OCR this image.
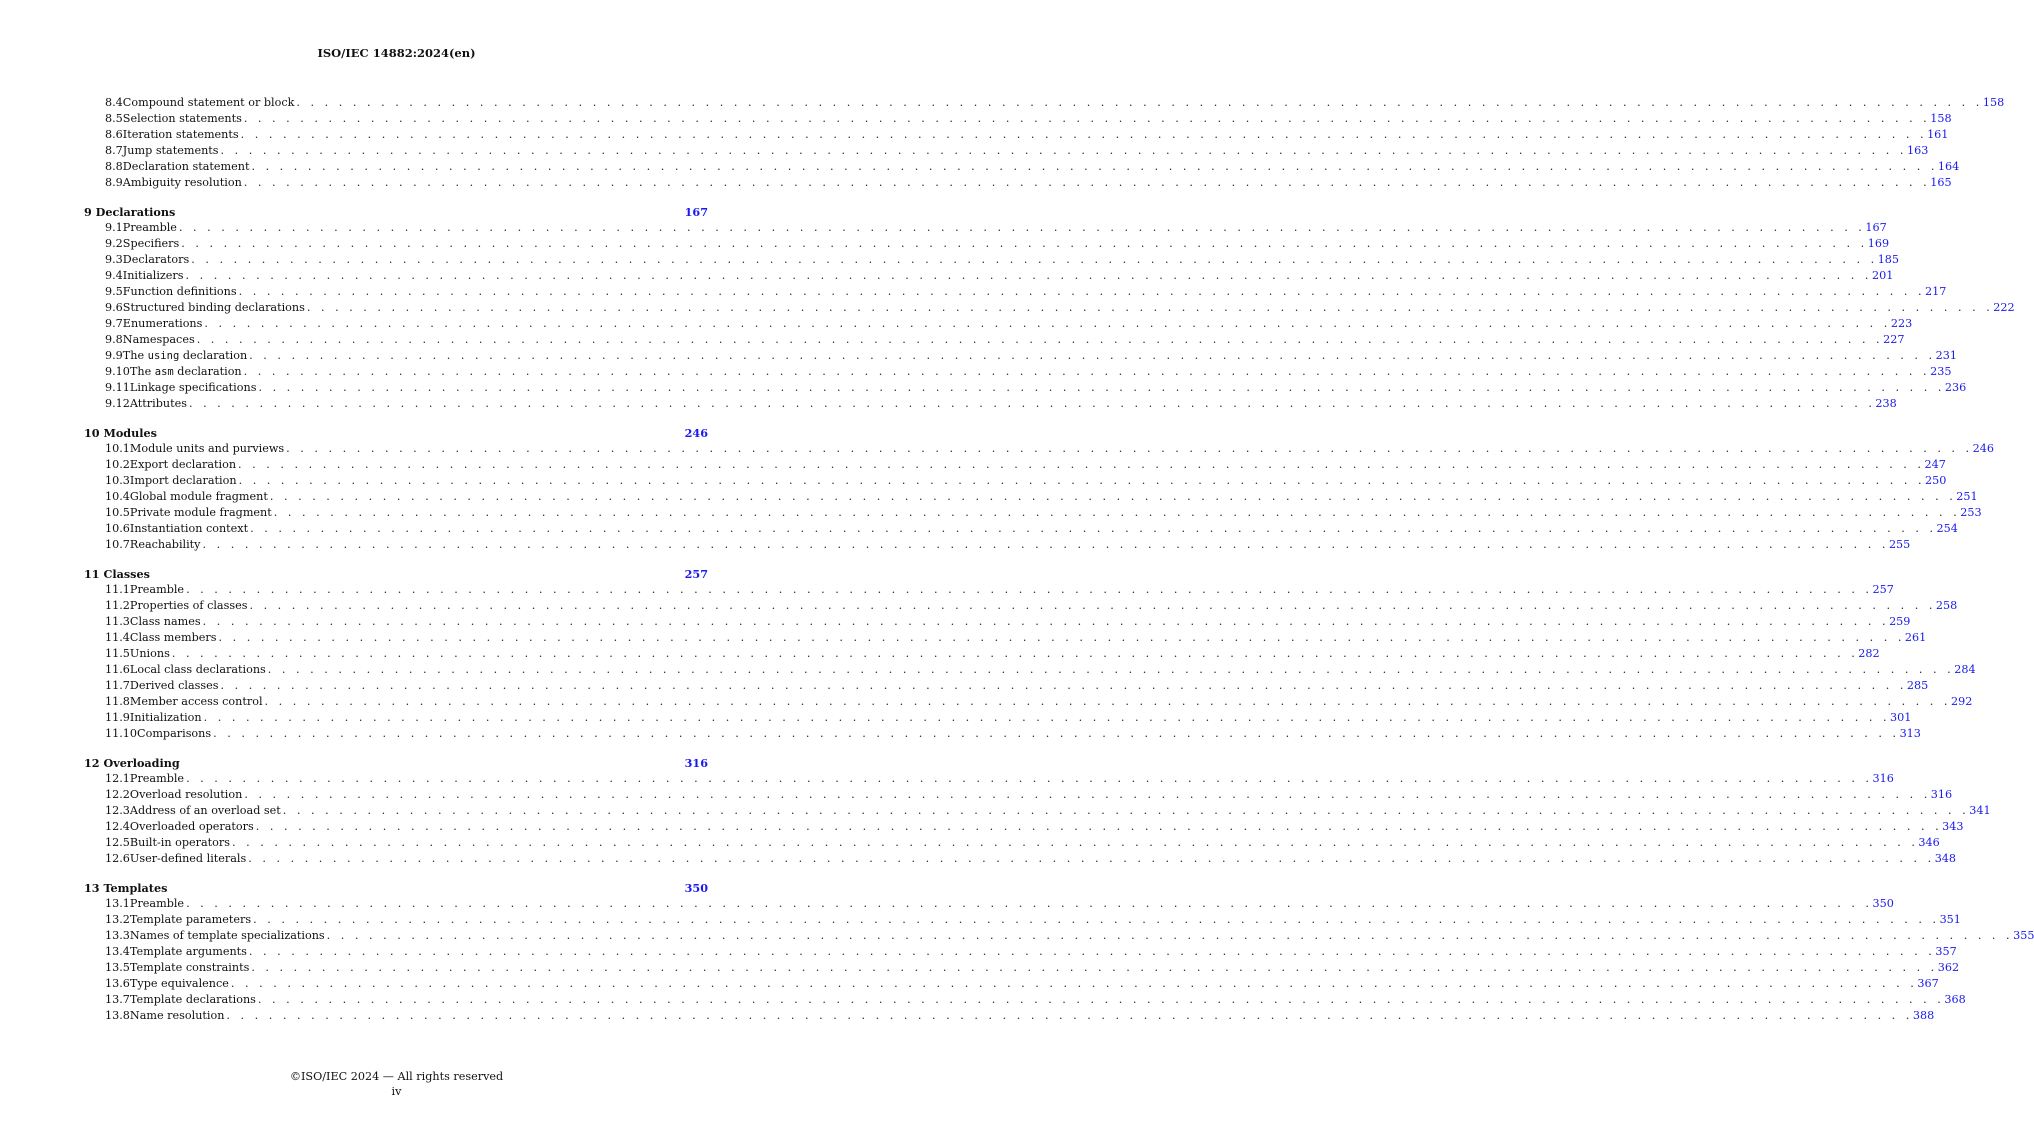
ISO/IEC 14882:2024(en)
8.4 Compound statement or block . . . . . . . . . . . . . . . . . . . . . . . . . . . . . . . . . . . . . . . . . . . . . . . . . . . . . . . . . . . . . . . . . . . . . . . . . . . . . . . . . . . . . . . . . . . . . . . . . . . . . . . . . . . . . . . . . . . . . . . . 158
8.5 Selection statements . . . . . . . . . . . . . . . . . . . . . . . . . . . . . . . . . . . . . . . . . . . . . . . . . . . . . . . . . . . . . . . . . . . . . . . . . . . . . . . . . . . . . . . . . . . . . . . . . . . . . . . . . . . . . . . . . . . . . . . . 158
8.6 Iteration statements . . . . . . . . . . . . . . . . . . . . . . . . . . . . . . . . . . . . . . . . . . . . . . . . . . . . . . . . . . . . . . . . . . . . . . . . . . . . . . . . . . . . . . . . . . . . . . . . . . . . . . . . . . . . . . . . . . . . . . . . 161
8.7 Jump statements . . . . . . . . . . . . . . . . . . . . . . . . . . . . . . . . . . . . . . . . . . . . . . . . . . . . . . . . . . . . . . . . . . . . . . . . . . . . . . . . . . . . . . . . . . . . . . . . . . . . . . . . . . . . . . . . . . . . . . . . 163
8.8 Declaration statement . . . . . . . . . . . . . . . . . . . . . . . . . . . . . . . . . . . . . . . . . . . . . . . . . . . . . . . . . . . . . . . . . . . . . . . . . . . . . . . . . . . . . . . . . . . . . . . . . . . . . . . . . . . . . . . . . . . . . . . . 164
8.9 Ambiguity resolution . . . . . . . . . . . . . . . . . . . . . . . . . . . . . . . . . . . . . . . . . . . . . . . . . . . . . . . . . . . . . . . . . . . . . . . . . . . . . . . . . . . . . . . . . . . . . . . . . . . . . . . . . . . . . . . . . . . . . . . . 165
9 Declarations	167
9.1 Preamble . . . . . . . . . . . . . . . . . . . . . . . . . . . . . . . . . . . . . . . . . . . . . . . . . . . . . . . . . . . . . . . . . . . . . . . . . . . . . . . . . . . . . . . . . . . . . . . . . . . . . . . . . . . . . . . . . . . . . . . . 167
9.2 Specifiers . . . . . . . . . . . . . . . . . . . . . . . . . . . . . . . . . . . . . . . . . . . . . . . . . . . . . . . . . . . . . . . . . . . . . . . . . . . . . . . . . . . . . . . . . . . . . . . . . . . . . . . . . . . . . . . . . . . . . . . . 169
9.3 Declarators . . . . . . . . . . . . . . . . . . . . . . . . . . . . . . . . . . . . . . . . . . . . . . . . . . . . . . . . . . . . . . . . . . . . . . . . . . . . . . . . . . . . . . . . . . . . . . . . . . . . . . . . . . . . . . . . . . . . . . . . 185
9.4 Initializers . . . . . . . . . . . . . . . . . . . . . . . . . . . . . . . . . . . . . . . . . . . . . . . . . . . . . . . . . . . . . . . . . . . . . . . . . . . . . . . . . . . . . . . . . . . . . . . . . . . . . . . . . . . . . . . . . . . . . . . . 201
9.5 Function definitions . . . . . . . . . . . . . . . . . . . . . . . . . . . . . . . . . . . . . . . . . . . . . . . . . . . . . . . . . . . . . . . . . . . . . . . . . . . . . . . . . . . . . . . . . . . . . . . . . . . . . . . . . . . . . . . . . . . . . . . . 217
9.6 Structured binding declarations . . . . . . . . . . . . . . . . . . . . . . . . . . . . . . . . . . . . . . . . . . . . . . . . . . . . . . . . . . . . . . . . . . . . . . . . . . . . . . . . . . . . . . . . . . . . . . . . . . . . . . . . . . . . . . . . . . . . . . . . 222
9.7 Enumerations . . . . . . . . . . . . . . . . . . . . . . . . . . . . . . . . . . . . . . . . . . . . . . . . . . . . . . . . . . . . . . . . . . . . . . . . . . . . . . . . . . . . . . . . . . . . . . . . . . . . . . . . . . . . . . . . . . . . . . . . 223
9.8 Namespaces . . . . . . . . . . . . . . . . . . . . . . . . . . . . . . . . . . . . . . . . . . . . . . . . . . . . . . . . . . . . . . . . . . . . . . . . . . . . . . . . . . . . . . . . . . . . . . . . . . . . . . . . . . . . . . . . . . . . . . . . 227
9.9 The using declaration . . . . . . . . . . . . . . . . . . . . . . . . . . . . . . . . . . . . . . . . . . . . . . . . . . . . . . . . . . . . . . . . . . . . . . . . . . . . . . . . . . . . . . . . . . . . . . . . . . . . . . . . . . . . . . . . . . . . . . . . 231
9.10 The asm declaration . . . . . . . . . . . . . . . . . . . . . . . . . . . . . . . . . . . . . . . . . . . . . . . . . . . . . . . . . . . . . . . . . . . . . . . . . . . . . . . . . . . . . . . . . . . . . . . . . . . . . . . . . . . . . . . . . . . . . . . . 235
9.11 Linkage specifications . . . . . . . . . . . . . . . . . . . . . . . . . . . . . . . . . . . . . . . . . . . . . . . . . . . . . . . . . . . . . . . . . . . . . . . . . . . . . . . . . . . . . . . . . . . . . . . . . . . . . . . . . . . . . . . . . . . . . . . . 236
9.12 Attributes . . . . . . . . . . . . . . . . . . . . . . . . . . . . . . . . . . . . . . . . . . . . . . . . . . . . . . . . . . . . . . . . . . . . . . . . . . . . . . . . . . . . . . . . . . . . . . . . . . . . . . . . . . . . . . . . . . . . . . . . 238
10 Modules	246
10.1 Module units and purviews . . . . . . . . . . . . . . . . . . . . . . . . . . . . . . . . . . . . . . . . . . . . . . . . . . . . . . . . . . . . . . . . . . . . . . . . . . . . . . . . . . . . . . . . . . . . . . . . . . . . . . . . . . . . . . . . . . . . . . . . 246
10.2 Export declaration . . . . . . . . . . . . . . . . . . . . . . . . . . . . . . . . . . . . . . . . . . . . . . . . . . . . . . . . . . . . . . . . . . . . . . . . . . . . . . . . . . . . . . . . . . . . . . . . . . . . . . . . . . . . . . . . . . . . . . . . 247
10.3 Import declaration . . . . . . . . . . . . . . . . . . . . . . . . . . . . . . . . . . . . . . . . . . . . . . . . . . . . . . . . . . . . . . . . . . . . . . . . . . . . . . . . . . . . . . . . . . . . . . . . . . . . . . . . . . . . . . . . . . . . . . . . 250
10.4 Global module fragment . . . . . . . . . . . . . . . . . . . . . . . . . . . . . . . . . . . . . . . . . . . . . . . . . . . . . . . . . . . . . . . . . . . . . . . . . . . . . . . . . . . . . . . . . . . . . . . . . . . . . . . . . . . . . . . . . . . . . . . . 251
10.5 Private module fragment . . . . . . . . . . . . . . . . . . . . . . . . . . . . . . . . . . . . . . . . . . . . . . . . . . . . . . . . . . . . . . . . . . . . . . . . . . . . . . . . . . . . . . . . . . . . . . . . . . . . . . . . . . . . . . . . . . . . . . . . 253
10.6 Instantiation context . . . . . . . . . . . . . . . . . . . . . . . . . . . . . . . . . . . . . . . . . . . . . . . . . . . . . . . . . . . . . . . . . . . . . . . . . . . . . . . . . . . . . . . . . . . . . . . . . . . . . . . . . . . . . . . . . . . . . . . . 254
10.7 Reachability . . . . . . . . . . . . . . . . . . . . . . . . . . . . . . . . . . . . . . . . . . . . . . . . . . . . . . . . . . . . . . . . . . . . . . . . . . . . . . . . . . . . . . . . . . . . . . . . . . . . . . . . . . . . . . . . . . . . . . . . 255
11 Classes	257
11.1 Preamble . . . . . . . . . . . . . . . . . . . . . . . . . . . . . . . . . . . . . . . . . . . . . . . . . . . . . . . . . . . . . . . . . . . . . . . . . . . . . . . . . . . . . . . . . . . . . . . . . . . . . . . . . . . . . . . . . . . . . . . . 257
11.2 Properties of classes . . . . . . . . . . . . . . . . . . . . . . . . . . . . . . . . . . . . . . . . . . . . . . . . . . . . . . . . . . . . . . . . . . . . . . . . . . . . . . . . . . . . . . . . . . . . . . . . . . . . . . . . . . . . . . . . . . . . . . . . 258
11.3 Class names . . . . . . . . . . . . . . . . . . . . . . . . . . . . . . . . . . . . . . . . . . . . . . . . . . . . . . . . . . . . . . . . . . . . . . . . . . . . . . . . . . . . . . . . . . . . . . . . . . . . . . . . . . . . . . . . . . . . . . . . 259
11.4 Class members . . . . . . . . . . . . . . . . . . . . . . . . . . . . . . . . . . . . . . . . . . . . . . . . . . . . . . . . . . . . . . . . . . . . . . . . . . . . . . . . . . . . . . . . . . . . . . . . . . . . . . . . . . . . . . . . . . . . . . . . 261
11.5 Unions . . . . . . . . . . . . . . . . . . . . . . . . . . . . . . . . . . . . . . . . . . . . . . . . . . . . . . . . . . . . . . . . . . . . . . . . . . . . . . . . . . . . . . . . . . . . . . . . . . . . . . . . . . . . . . . . . . . . . . . . 282
11.6 Local class declarations . . . . . . . . . . . . . . . . . . . . . . . . . . . . . . . . . . . . . . . . . . . . . . . . . . . . . . . . . . . . . . . . . . . . . . . . . . . . . . . . . . . . . . . . . . . . . . . . . . . . . . . . . . . . . . . . . . . . . . . . 284
11.7 Derived classes . . . . . . . . . . . . . . . . . . . . . . . . . . . . . . . . . . . . . . . . . . . . . . . . . . . . . . . . . . . . . . . . . . . . . . . . . . . . . . . . . . . . . . . . . . . . . . . . . . . . . . . . . . . . . . . . . . . . . . . . 285
11.8 Member access control . . . . . . . . . . . . . . . . . . . . . . . . . . . . . . . . . . . . . . . . . . . . . . . . . . . . . . . . . . . . . . . . . . . . . . . . . . . . . . . . . . . . . . . . . . . . . . . . . . . . . . . . . . . . . . . . . . . . . . . . 292
11.9 Initialization . . . . . . . . . . . . . . . . . . . . . . . . . . . . . . . . . . . . . . . . . . . . . . . . . . . . . . . . . . . . . . . . . . . . . . . . . . . . . . . . . . . . . . . . . . . . . . . . . . . . . . . . . . . . . . . . . . . . . . . . 301
11.10 Comparisons . . . . . . . . . . . . . . . . . . . . . . . . . . . . . . . . . . . . . . . . . . . . . . . . . . . . . . . . . . . . . . . . . . . . . . . . . . . . . . . . . . . . . . . . . . . . . . . . . . . . . . . . . . . . . . . . . . . . . . . . 313
12 Overloading	316
12.1 Preamble . . . . . . . . . . . . . . . . . . . . . . . . . . . . . . . . . . . . . . . . . . . . . . . . . . . . . . . . . . . . . . . . . . . . . . . . . . . . . . . . . . . . . . . . . . . . . . . . . . . . . . . . . . . . . . . . . . . . . . . . 316
12.2 Overload resolution . . . . . . . . . . . . . . . . . . . . . . . . . . . . . . . . . . . . . . . . . . . . . . . . . . . . . . . . . . . . . . . . . . . . . . . . . . . . . . . . . . . . . . . . . . . . . . . . . . . . . . . . . . . . . . . . . . . . . . . . 316
12.3 Address of an overload set . . . . . . . . . . . . . . . . . . . . . . . . . . . . . . . . . . . . . . . . . . . . . . . . . . . . . . . . . . . . . . . . . . . . . . . . . . . . . . . . . . . . . . . . . . . . . . . . . . . . . . . . . . . . . . . . . . . . . . . . 341
12.4 Overloaded operators . . . . . . . . . . . . . . . . . . . . . . . . . . . . . . . . . . . . . . . . . . . . . . . . . . . . . . . . . . . . . . . . . . . . . . . . . . . . . . . . . . . . . . . . . . . . . . . . . . . . . . . . . . . . . . . . . . . . . . . . 343
12.5 Built-in operators . . . . . . . . . . . . . . . . . . . . . . . . . . . . . . . . . . . . . . . . . . . . . . . . . . . . . . . . . . . . . . . . . . . . . . . . . . . . . . . . . . . . . . . . . . . . . . . . . . . . . . . . . . . . . . . . . . . . . . . . 346
12.6 User-defined literals . . . . . . . . . . . . . . . . . . . . . . . . . . . . . . . . . . . . . . . . . . . . . . . . . . . . . . . . . . . . . . . . . . . . . . . . . . . . . . . . . . . . . . . . . . . . . . . . . . . . . . . . . . . . . . . . . . . . . . . . 348
13 Templates	350
13.1 Preamble . . . . . . . . . . . . . . . . . . . . . . . . . . . . . . . . . . . . . . . . . . . . . . . . . . . . . . . . . . . . . . . . . . . . . . . . . . . . . . . . . . . . . . . . . . . . . . . . . . . . . . . . . . . . . . . . . . . . . . . . 350
13.2 Template parameters . . . . . . . . . . . . . . . . . . . . . . . . . . . . . . . . . . . . . . . . . . . . . . . . . . . . . . . . . . . . . . . . . . . . . . . . . . . . . . . . . . . . . . . . . . . . . . . . . . . . . . . . . . . . . . . . . . . . . . . . 351
13.3 Names of template specializations . . . . . . . . . . . . . . . . . . . . . . . . . . . . . . . . . . . . . . . . . . . . . . . . . . . . . . . . . . . . . . . . . . . . . . . . . . . . . . . . . . . . . . . . . . . . . . . . . . . . . . . . . . . . . . . . . . . . . . . . 355
13.4 Template arguments . . . . . . . . . . . . . . . . . . . . . . . . . . . . . . . . . . . . . . . . . . . . . . . . . . . . . . . . . . . . . . . . . . . . . . . . . . . . . . . . . . . . . . . . . . . . . . . . . . . . . . . . . . . . . . . . . . . . . . . . 357
13.5 Template constraints . . . . . . . . . . . . . . . . . . . . . . . . . . . . . . . . . . . . . . . . . . . . . . . . . . . . . . . . . . . . . . . . . . . . . . . . . . . . . . . . . . . . . . . . . . . . . . . . . . . . . . . . . . . . . . . . . . . . . . . . 362
13.6 Type equivalence . . . . . . . . . . . . . . . . . . . . . . . . . . . . . . . . . . . . . . . . . . . . . . . . . . . . . . . . . . . . . . . . . . . . . . . . . . . . . . . . . . . . . . . . . . . . . . . . . . . . . . . . . . . . . . . . . . . . . . . . 367
13.7 Template declarations . . . . . . . . . . . . . . . . . . . . . . . . . . . . . . . . . . . . . . . . . . . . . . . . . . . . . . . . . . . . . . . . . . . . . . . . . . . . . . . . . . . . . . . . . . . . . . . . . . . . . . . . . . . . . . . . . . . . . . . . 368
13.8 Name resolution . . . . . . . . . . . . . . . . . . . . . . . . . . . . . . . . . . . . . . . . . . . . . . . . . . . . . . . . . . . . . . . . . . . . . . . . . . . . . . . . . . . . . . . . . . . . . . . . . . . . . . . . . . . . . . . . . . . . . . . . 388
©ISO/IEC 2024 — All rights reserved
iv
